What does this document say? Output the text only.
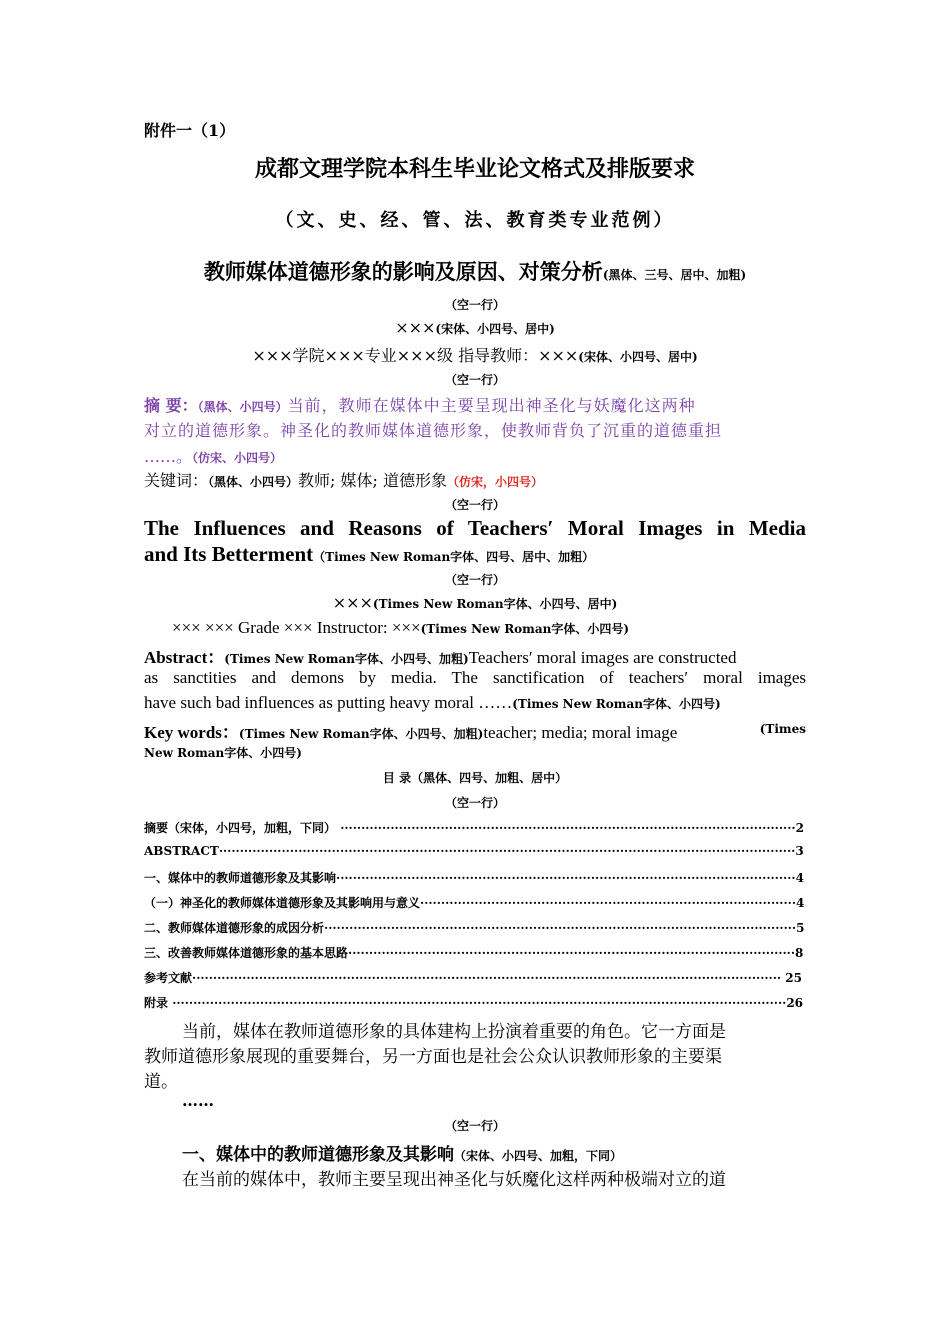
附件一（1）
成都文理学院本科生毕业论文格式及排版要求
（文、史、经、管、法、教育类专业范例）
教师媒体道德形象的影响及原因、对策分析(黑体、三号、居中、加粗)
（空一行）
×××(宋体、小四号、居中)
×××学院×××专业×××级 指导教师：×××(宋体、小四号、居中)
（空一行）
摘 要：（黑体、小四号）当前，教师在媒体中主要呈现出神圣化与妖魔化这两种
对立的道德形象。神圣化的教师媒体道德形象，使教师背负了沉重的道德重担
……。（仿宋、小四号）
关键词：（黑体、小四号）教师; 媒体; 道德形象（仿宋，小四号）
（空一行）
The Influences and Reasons of Teachers′ Moral Images in Media
and Its Betterment（Times New Roman字体、四号、居中、加粗）
（空一行）
×××(Times New Roman字体、小四号、居中)
××× ××× Grade ××× Instructor: ×××(Times New Roman字体、小四号)
Abstract：(Times New Roman字体、小四号、加粗)Teachers′ moral images are constructed
as sanctities and demons by media. The sanctification of teachers′ moral images
have such bad influences as putting heavy moral ……(Times New Roman字体、小四号)
Key words：(Times New Roman字体、小四号、加粗)teacher; media; moral image	(Times
New Roman字体、小四号)
目 录（黑体、四号、加粗、居中）
（空一行）
摘要（宋体，小四号，加粗，下同） ·············································································································2
ABSTRACT··········································································································································3
一、媒体中的教师道德形象及其影响··············································································································4
（一）神圣化的教师媒体道德形象及其影响用与意义··························································································4
二、教师媒体道德形象的成因分析·················································································································5
三、改善教师媒体道德形象的基本思路···········································································································8
参考文献············································································································································· 25
附录 ···················································································································································26
当前，媒体在教师道德形象的具体建构上扮演着重要的角色。它一方面是
教师道德形象展现的重要舞台，另一方面也是社会公众认识教师形象的主要渠
道。
……
（空一行）
一、媒体中的教师道德形象及其影响（宋体、小四号、加粗，下同）
在当前的媒体中，教师主要呈现出神圣化与妖魔化这样两种极端对立的道
